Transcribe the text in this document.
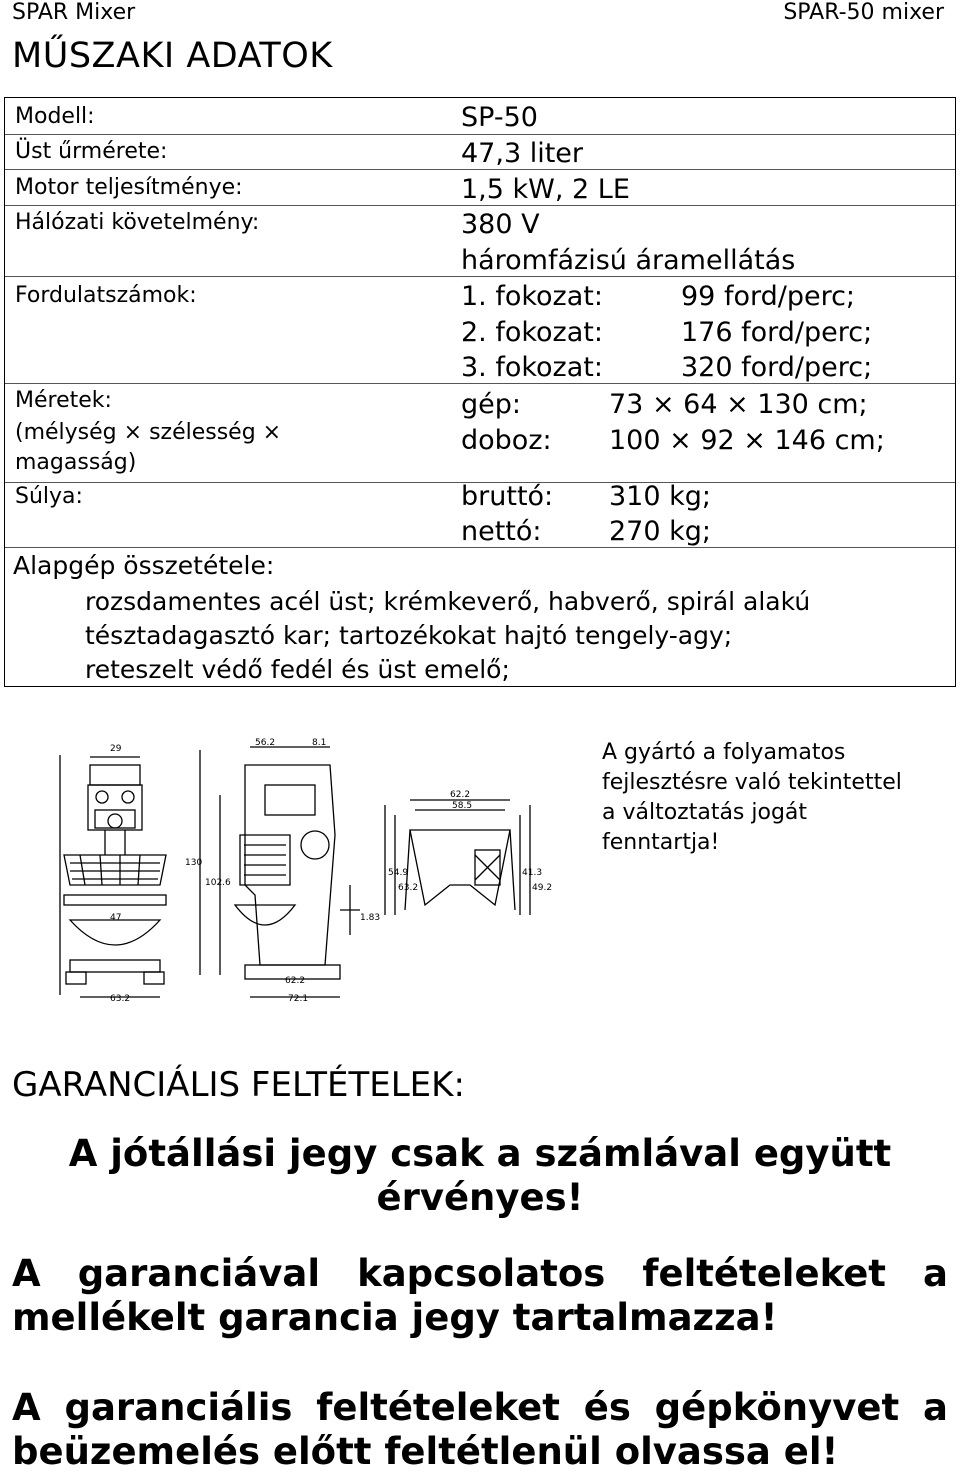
SPAR Mixer	SPAR-50 mixer
MŰSZAKI ADATOK
Modell:	SP-50
Üst űrmérete:	47,3 liter
Motor teljesítménye:	1,5 kW, 2 LE
Hálózati követelmény:	380 V
háromfázisú áramellátás
Fordulatszámok:	1. fokozat:	99 ford/perc;
2. fokozat:	176 ford/perc;
3. fokozat:	320 ford/perc;
Méretek:
(mélység × szélesség ×
magasság)
gép:	73 × 64 × 130 cm;
doboz: 100 × 92 × 146 cm;
Súlya:	bruttó: 310 kg;
nettó: 270 kg;
Alapgép összetétele:
rozsdamentes acél üst; krémkeverő, habverő, spirál alakú
tésztadagasztó kar; tartozékokat hajtó tengely-agy;
reteszelt védő fedél és üst emelő;
29
56.2	8.1
62.2
58.5
130
102.6
47	1.83
62.2
63.2	72.1
54.9
63.2
41.3
49.2
A gyártó a folyamatos
fejlesztésre való tekintettel
a változtatás jogát
fenntartja!
GARANCIÁLIS FELTÉTELEK:
A jótállási jegy csak a számlával együtt
érvényes!
A garanciával kapcsolatos feltételeket a
mellékelt garancia jegy tartalmazza!
A garanciális feltételeket és gépkönyvet a
beüzemelés előtt feltétlenül olvassa el!
